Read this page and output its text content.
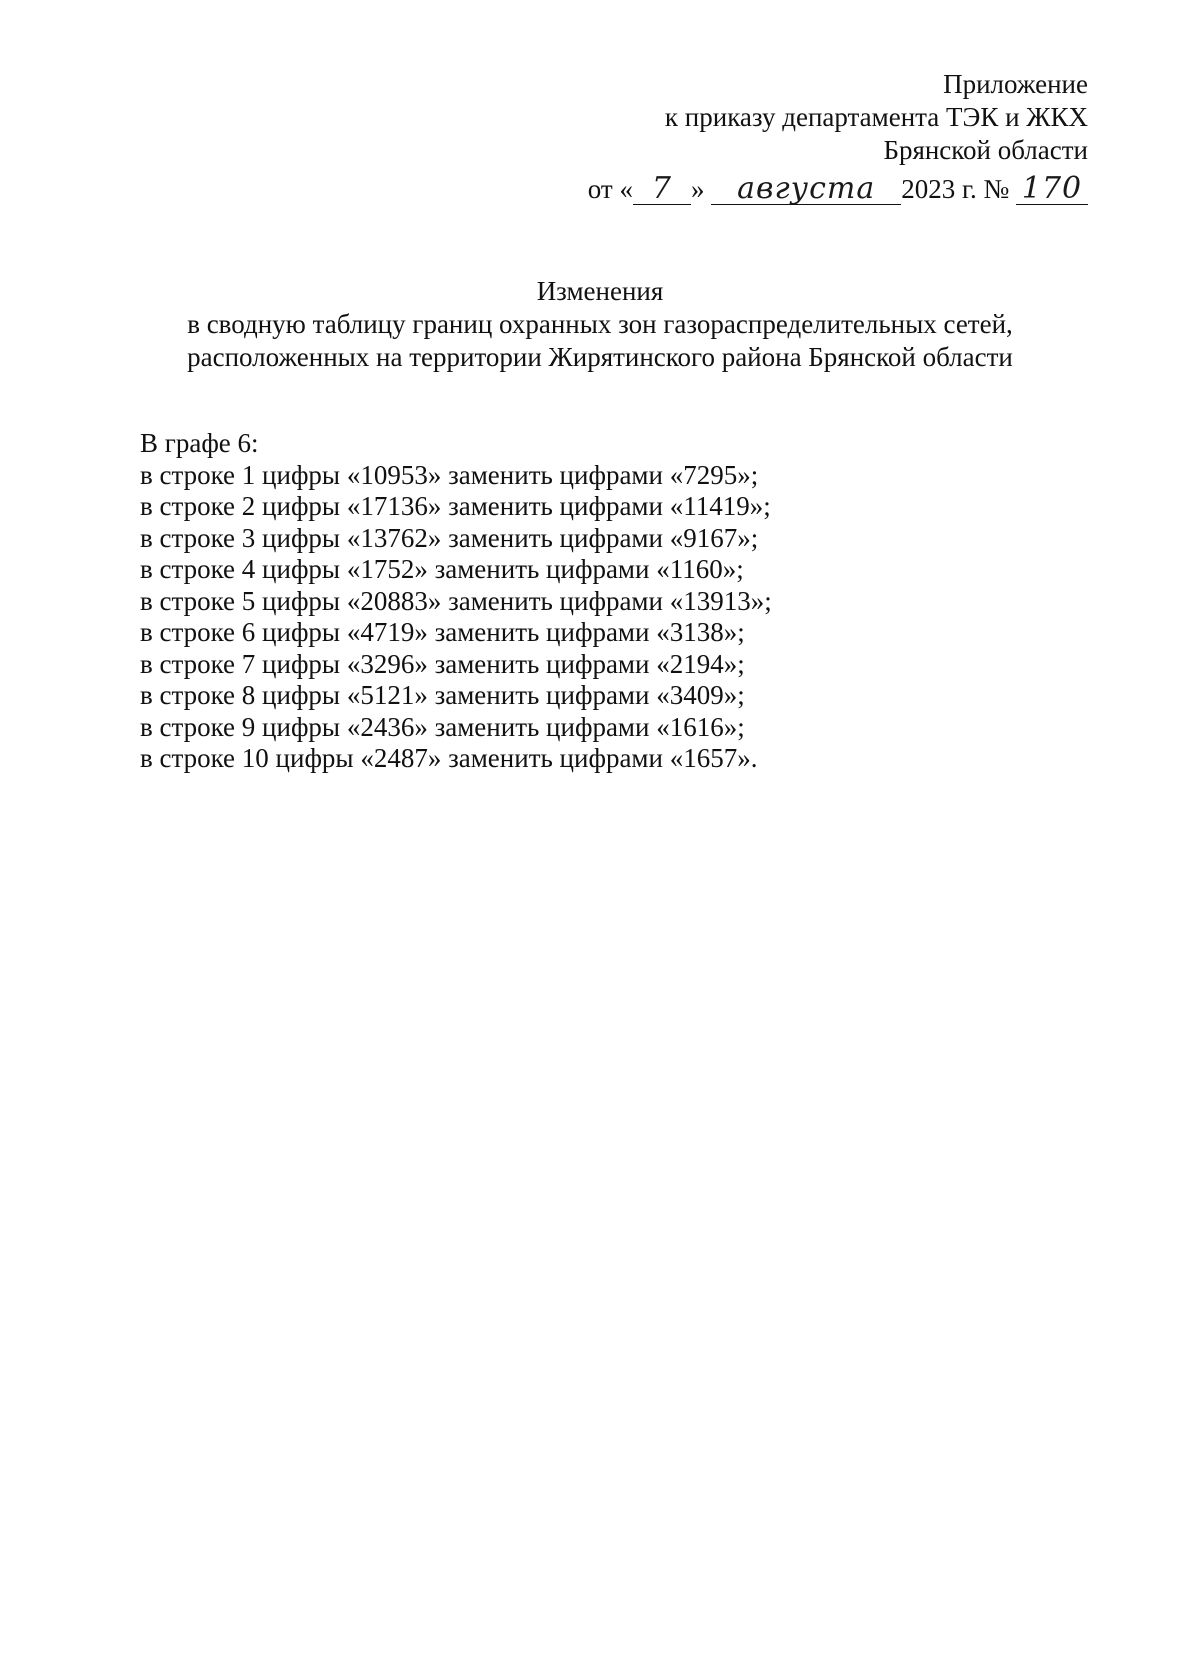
Приложение
к приказу департамента ТЭК и ЖКХ
Брянской области
от « 7 » августа 2023 г. № 170
Изменения
в сводную таблицу границ охранных зон газораспределительных сетей,
расположенных на территории Жирятинского района Брянской области
В графе 6:
в строке 1 цифры «10953» заменить цифрами «7295»;
в строке 2 цифры «17136» заменить цифрами «11419»;
в строке 3 цифры «13762» заменить цифрами «9167»;
в строке 4 цифры «1752» заменить цифрами «1160»;
в строке 5 цифры «20883» заменить цифрами «13913»;
в строке 6 цифры «4719» заменить цифрами «3138»;
в строке 7 цифры «3296» заменить цифрами «2194»;
в строке 8 цифры «5121» заменить цифрами «3409»;
в строке 9 цифры «2436» заменить цифрами «1616»;
в строке 10 цифры «2487» заменить цифрами «1657».
